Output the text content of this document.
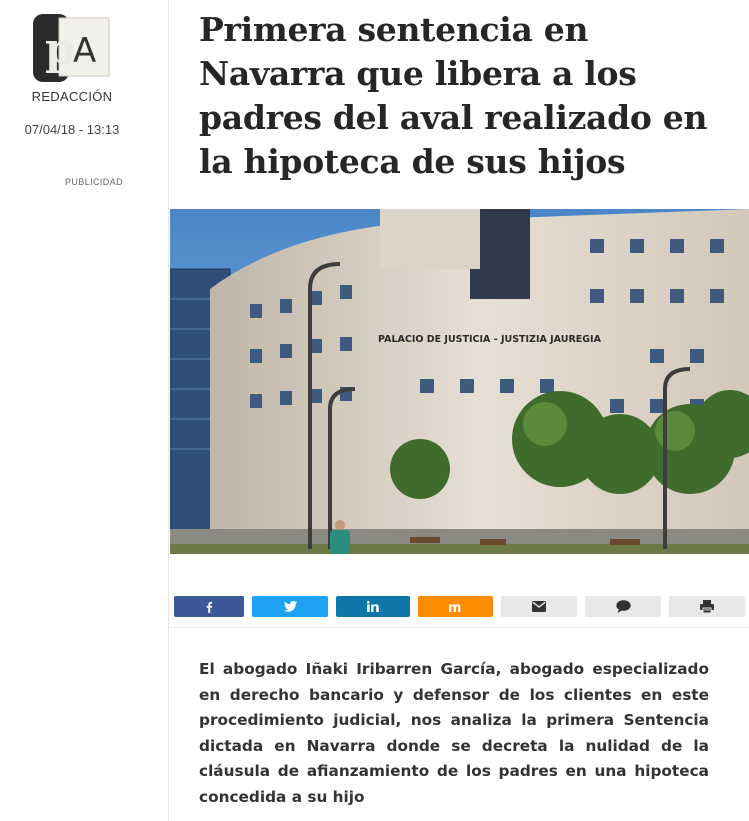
p
A
REDACCIÓN
07/04/18 - 13:13
PUBLICIDAD
Primera sentencia en Navarra que libera a los padres del aval realizado en la hipoteca de sus hijos
PALACIO DE JUSTICIA - JUSTIZIA JAUREGIA

El abogado Iñaki Iribarren García, abogado especializado en derecho bancario y defensor de los clientes en este procedimiento judicial, nos analiza la primera Sentencia dictada en Navarra donde se decreta la nulidad de la cláusula de afianzamiento de los padres en una hipoteca concedida a su hijo
